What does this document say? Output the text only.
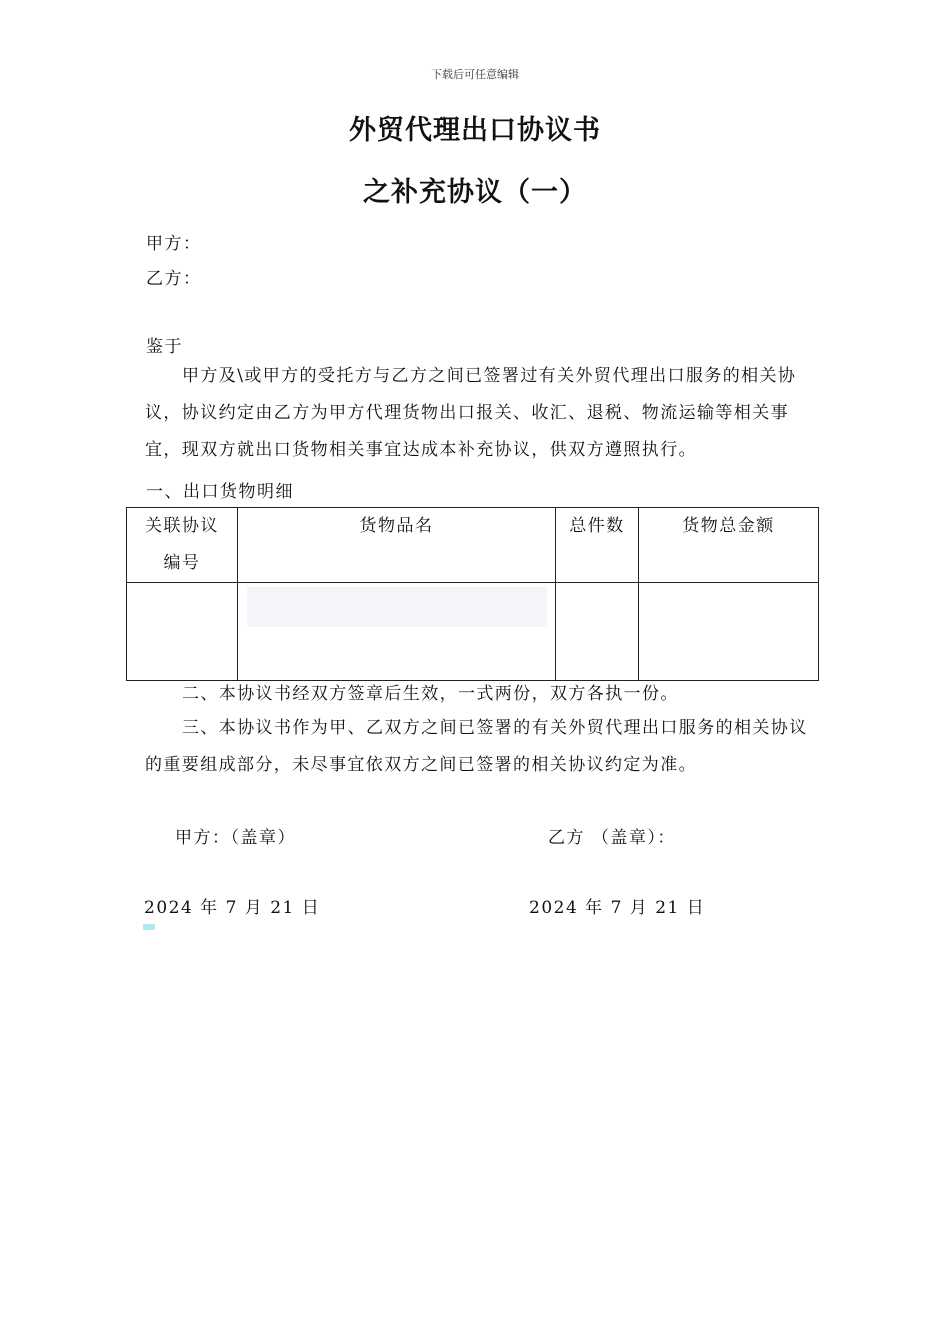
下载后可任意编辑
外贸代理出口协议书
之补充协议（一）
甲方：
乙方：
鉴于
甲方及\或甲方的受托方与乙方之间已签署过有关外贸代理出口服务的相关协议，协议约定由乙方为甲方代理货物出口报关、收汇、退税、物流运输等相关事宜，现双方就出口货物相关事宜达成本补充协议，供双方遵照执行。
一、出口货物明细
关联协议编号	货物品名	总件数	货物总金额

二、本协议书经双方签章后生效，一式两份，双方各执一份。
三、本协议书作为甲、乙双方之间已签署的有关外贸代理出口服务的相关协议的重要组成部分，未尽事宜依双方之间已签署的相关协议约定为准。
甲方：（盖章）	乙方 （盖章）：
2024 年 7 月 21 日	2024 年 7 月 21 日
